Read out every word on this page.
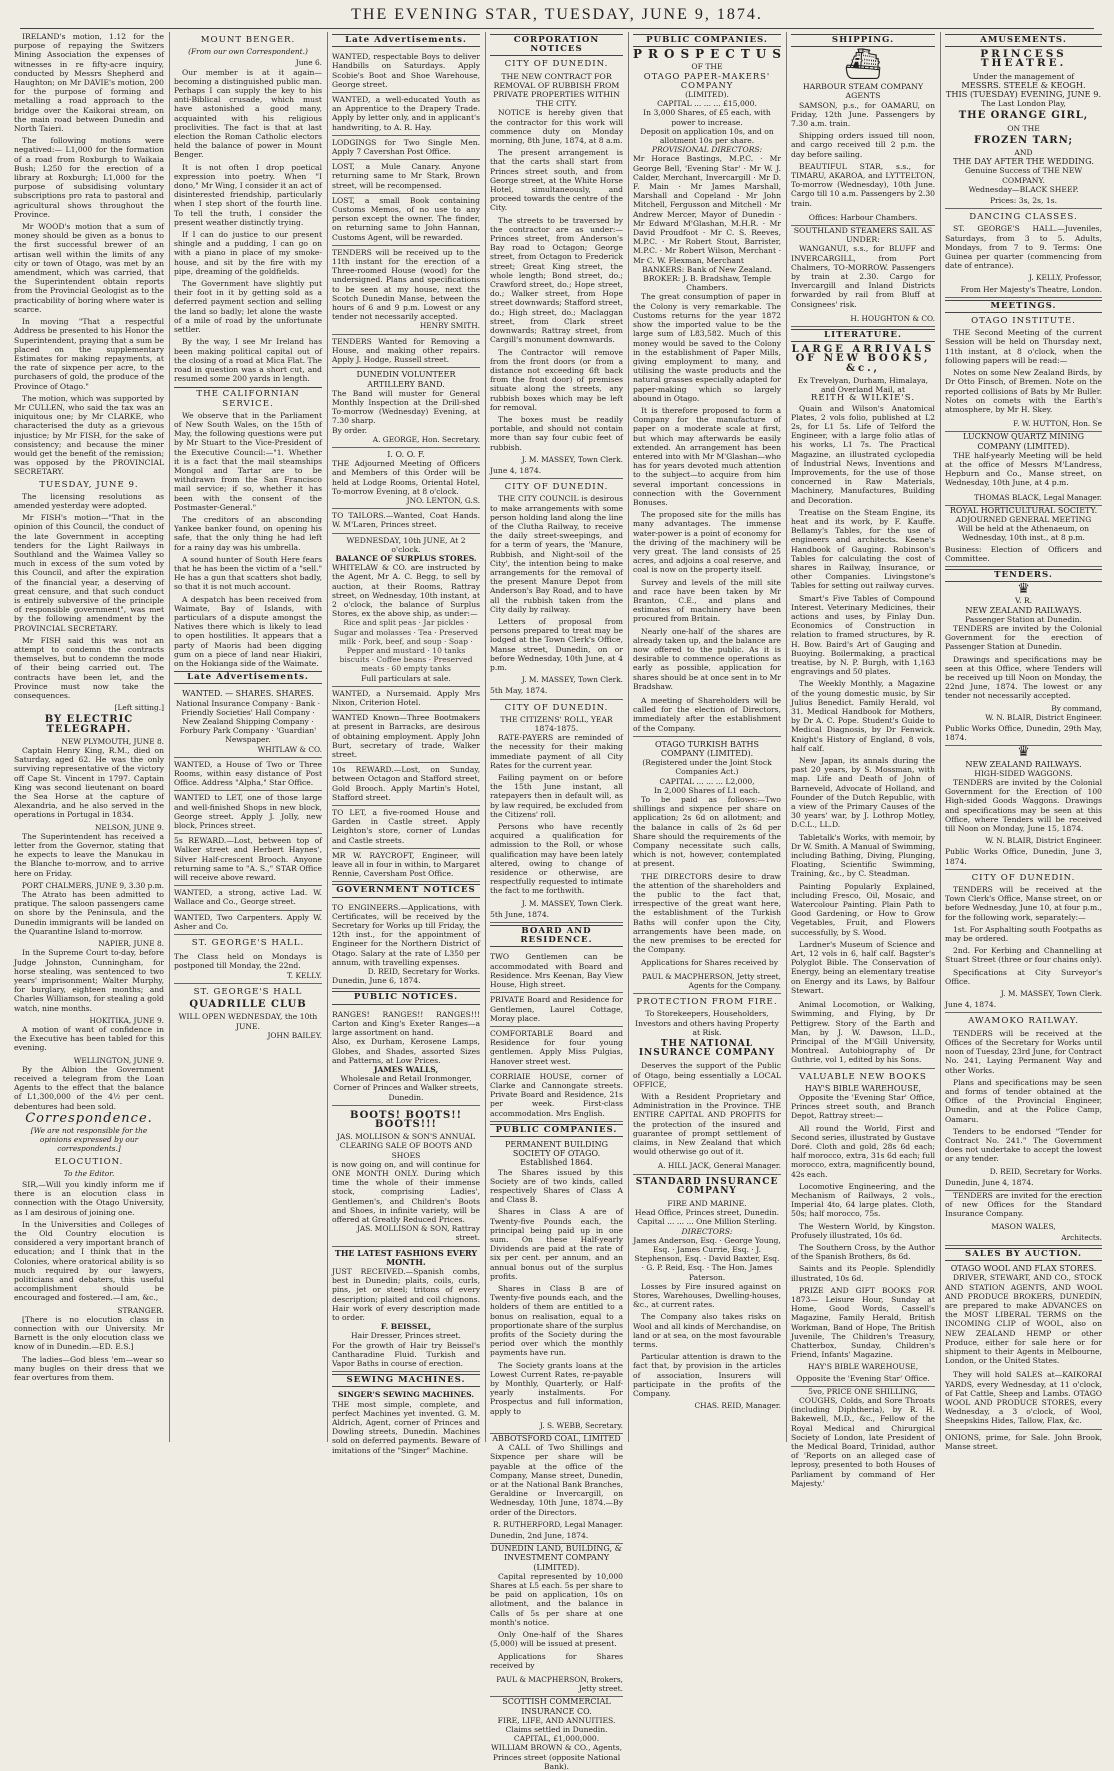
THE EVENING STAR, TUESDAY, JUNE 9, 1874.

IRELAND's motion, 1.12 for the purpose of repaying the Switzers Mining Association the expenses of witnesses in re fifty-acre inquiry, conducted by Messrs Shepherd and Haughton; on Mr DAVIE's motion, 200 for the purpose of forming and metalling a road approach to the bridge over the Kaikorai stream, on the main road between Dunedin and North Taieri.

The following motions were negatived:— L1,000 for the formation of a road from Roxburgh to Waikaia Bush; L250 for the erection of a library at Roxburgh; L1,000 for the purpose of subsidising voluntary subscriptions pro rata to pastoral and agricultural shows throughout the Province.

Mr WOOD's motion that a sum of money should be given as a bonus to the first successful brewer of an artisan well within the limits of any city or town of Otago, was met by an amendment, which was carried, that the Superintendent obtain reports from the Provincial Geologist as to the practicability of boring where water is scarce.

In moving "That a respectful Address be presented to his Honor the Superintendent, praying that a sum be placed on the supplementary Estimates for making repayments, at the rate of sixpence per acre, to the purchasers of gold, the produce of the Province of Otago."

The motion, which was supported by Mr CULLEN, who said the tax was an iniquitous one; by Mr CLARKE, who characterised the duty as a grievous injustice; by Mr FISH, for the sake of consistency; and because the miner would get the benefit of the remission; was opposed by the PROVINCIAL SECRETARY.

TUESDAY, JUNE 9.

The licensing resolutions as amended yesterday were adopted.

Mr FISH's motion—"That in the opinion of this Council, the conduct of the late Government in accepting tenders for the Light Railways in Southland and the Waimea Valley so much in excess of the sum voted by this Council, and after the expiration of the financial year, a deserving of great censure, and that such conduct is entirely subversive of the principle of responsible government", was met by the following amendment by the PROVINCIAL SECRETARY.

Mr FISH said this was not an attempt to condemn the contracts themselves, but to condemn the mode of their being carried out. The contracts have been let, and the Province must now take the consequences.

[Left sitting.]
BY ELECTRIC TELEGRAPH.
NEW PLYMOUTH, JUNE 8.

Captain Henry King, R.M., died on Saturday, aged 62. He was the only surviving representative of the victory off Cape St. Vincent in 1797. Captain King was second lieutenant on board the Sea Horse at the capture of Alexandria, and he also served in the operations in Portugal in 1834.

NELSON, JUNE 9.

The Superintendent has received a letter from the Governor, stating that he expects to leave the Manukau in the Blanche to-morrow, and to arrive here on Friday.

PORT CHALMERS, JUNE 9, 3.30 p.m.

The Atrato has been admitted to pratique. The saloon passengers came on shore by the Peninsula, and the Dunedin immigrants will be landed on the Quarantine Island to-morrow.

NAPIER, JUNE 8.

In the Supreme Court to-day, before Judge Johnston, Cunningham, for horse stealing, was sentenced to two years' imprisonment; Walter Murphy, for burglary, eighteen months; and Charles Williamson, for stealing a gold watch, nine months.

HOKITIKA, JUNE 9.

A motion of want of confidence in the Executive has been tabled for this evening.

WELLINGTON, JUNE 9.

By the Albion the Government received a telegram from the Loan Agents to the effect that the balance of L1,300,000 of the 4½ per cent. debentures had been sold.

Correspondence.
[We are not responsible for the opinions expressed by our correspondents.]
ELOCUTION.
To the Editor.

SIR,—Will you kindly inform me if there is an elocution class in connection with the Otago University, as I am desirous of joining one.

In the Universities and Colleges of the Old Country elocution is considered a very important branch of education; and I think that in the Colonies, where oratorical ability is so much required by our lawyers, politicians and debaters, this useful accomplishment should be encouraged and fostered.—I am, &c.,

STRANGER.

[There is no elocution class in connection with our University. Mr Barnett is the only elocution class we know of in Dunedin.—ED. E.S.]

The ladies—God bless 'em—wear so many bugles on their dress that we fear overtures from them.

MOUNT BENGER.
(From our own Correspondent.)
June 6.

Our member is at it again—becoming a distinguished public man. Perhaps I can supply the key to his anti-Biblical crusade, which must have astonished a good many, acquainted with his religious proclivities. The fact is that at last election the Roman Catholic electors held the balance of power in Mount Benger.

It is not often I drop poetical expression into poetry. When "I dono," Mr Wing, I consider it an act of disinterested friendship, particularly when I step short of the fourth line. To tell the truth, I consider the present weather distinctly trying.

If I can do justice to our present shingle and a pudding, I can go on with a piano in place of my smoke-house, and sit by the fire with my pipe, dreaming of the goldfields.

The Government have slightly put their foot in it by getting sold as a deferred payment section and selling the land so badly; let alone the waste of a mile of road by the unfortunate settler.

By the way, I see Mr Ireland has been making political capital out of the closing of a road at Mica Flat. The road in question was a short cut, and resumed some 200 yards in length.

THE CALIFORNIAN SERVICE.

We observe that in the Parliament of New South Wales, on the 15th of May, the following questions were put by Mr Stuart to the Vice-President of the Executive Council:—"1. Whether it is a fact that the mail steamships Mongol and Tartar are to be withdrawn from the San Francisco mail service; if so, whether it has been with the consent of the Postmaster-General."

The creditors of an absconding Yankee banker found, on opening his safe, that the only thing he had left for a rainy day was his umbrella.

A sound hunter of South Here fears that he has been the victim of a "sell." He has a gun that scatters shot badly, so that it is not much account.

A despatch has been received from Waimate, Bay of Islands, with particulars of a dispute amongst the Natives there which is likely to lead to open hostilities. It appears that a party of Maoris had been digging gum on a piece of land near Hiakiri, on the Hokianga side of the Waimate.

Late Advertisements.
WANTED. — SHARES. SHARES.
National Insurance Company · Bank · Friendly Societies' Hall Company · New Zealand Shipping Company · Forbury Park Company · 'Guardian' Newspaper.
WHITLAW & CO.
WANTED, a House of Two or Three Rooms, within easy distance of Post Office. Address "Alpha," Star Office.
WANTED to LET, one of those large and well-finished Shops in new block, George street. Apply J. Jolly, new block, Princes street.
5s REWARD.—Lost, between top of Walker street and Herbert Haynes', Silver Half-crescent Brooch. Anyone returning same to "A. S.," STAR Office will receive above reward.
WANTED, a strong, active Lad. W. Wallace and Co., George street.
WANTED, Two Carpenters. Apply W. Asher and Co.
ST. GEORGE'S HALL.
The Class held on Mondays is postponed till Monday, the 22nd.
T. KELLY.
ST. GEORGE'S HALL
QUADRILLE CLUB
WILL OPEN WEDNESDAY, the 10th JUNE.
JOHN BAILEY.
Late Advertisements.
WANTED, respectable Boys to deliver Handbills on Saturdays. Apply Scobie's Boot and Shoe Warehouse, George street.
WANTED, a well-educated Youth as an Apprentice to the Drapery Trade. Apply by letter only, and in applicant's handwriting, to A. R. Hay.
LODGINGS for Two Single Men. Apply 7 Cavershan Post Office.
LOST, a Mule Canary. Anyone returning same to Mr Stark, Brown street, will be recompensed.
LOST, a small Book containing Customs Memos, of no use to any person except the owner. The finder, on returning same to John Hannan, Customs Agent, will be rewarded.
TENDERS will be received up to the 11th instant for the erection of a Three-roomed House (wood) for the undersigned. Plans and specifications to be seen at my house, next the Scotch Dunedin Manse, between the hours of 6 and 9 p.m. Lowest or any tender not necessarily accepted.
HENRY SMITH.
TENDERS Wanted for Removing a House, and making other repairs. Apply J. Hodge, Russell street.
DUNEDIN VOLUNTEER ARTILLERY BAND.
The Band will muster for General Monthly Inspection at the Drill-shed To-morrow (Wednesday) Evening, at 7.30 sharp.
By order.
A. GEORGE, Hon. Secretary.
I. O. O. F.
THE Adjourned Meeting of Officers and Members of this Order will be held at Lodge Rooms, Oriental Hotel, To-morrow Evening, at 8 o'clock.
JNO. LENTON, G.S.
TO TAILORS.—Wanted, Coat Hands. W. M'Laren, Princes street.
WEDNESDAY, 10th JUNE, At 2 o'clock.
BALANCE OF SURPLUS STORES.
WHITELAW & CO. are instructed by the Agent, Mr A. C. Begg, to sell by auction, at their Rooms, Rattray street, on Wednesday, 10th instant, at 2 o'clock, the balance of Surplus Stores, ex the above ship, as under:—
Rice and split peas · Jar pickles · Sugar and molasses · Tea · Preserved milk · Pork, beef, and soup · Soap · Pepper and mustard · 10 tanks biscuits · Coffee beans · Preserved meats · 60 empty tanks
Full particulars at sale.
WANTED, a Nursemaid. Apply Mrs Nixon, Criterion Hotel.
WANTED Known—Three Bootmakers at present in Barracks, are desirous of obtaining employment. Apply John Burt, secretary of trade, Walker street.
10s REWARD.—Lost, on Sunday, between Octagon and Stafford street, Gold Brooch. Apply Martin's Hotel, Stafford street.
TO LET, a five-roomed House and Garden in Castle street. Apply Leighton's store, corner of Lundas and Castle streets.
MR W. RAYCROFT, Engineer, will leave all in four in within, to Margaret Rennie, Caversham Post Office.
GOVERNMENT NOTICES
TO ENGINEERS.—Applications, with Certificates, will be received by the Secretary for Works up till Friday, the 12th inst., for the appointment of Engineer for the Northern District of Otago. Salary at the rate of L350 per annum, with travelling expenses.
D. REID, Secretary for Works.
Dunedin, June 6, 1874.
PUBLIC NOTICES.
RANGES! RANGES!! RANGES!!! Carton and King's Exeter Ranges—a large assortment on hand.
Also, ex Durham, Kerosene Lamps, Globes, and Shades, assorted Sizes and Patterns, at Low Prices.
JAMES WALLS,
Wholesale and Retail Ironmonger, Corner of Princes and Walker streets, Dunedin.
BOOTS! BOOTS!! BOOTS!!!
JAS. MOLLISON & SON'S ANNUAL CLEARING SALE OF BOOTS AND SHOES
is now going on, and will continue for ONE MONTH ONLY. During which time the whole of their immense stock, comprising Ladies', Gentlemen's, and Children's Boots and Shoes, in infinite variety, will be offered at Greatly Reduced Prices.
JAS. MOLLISON & SON, Rattray street.
THE LATEST FASHIONS EVERY MONTH.
JUST RECEIVED.—Spanish combs, best in Dunedin; plaits, coils, curls, pins, jet or steel; tritons of every description; plaited and coil chignons. Hair work of every description made to order.
F. BEISSEL,
Hair Dresser, Princes street.
For the growth of Hair try Beissel's Cantharadine Fluid. Turkish and Vapor Baths in course of erection.
SEWING MACHINES.
SINGER'S SEWING MACHINES.
THE most simple, complete, and perfect Machines yet invented. G. M. Aldrich, Agent, corner of Princes and Dowling streets, Dunedin. Machines sold on deferred payments. Beware of imitations of the "Singer" Machine.
CORPORATION NOTICES
CITY OF DUNEDIN.
THE NEW CONTRACT FOR REMOVAL OF RUBBISH FROM PRIVATE PROPERTIES WITHIN THE CITY.

NOTICE is hereby given that the contractor for this work will commence duty on Monday morning, 8th June, 1874, at 8 a.m.

The present arrangement is that the carts shall start from Princes street south, and from George street, at the White Horse Hotel, simultaneously, and proceed towards the centre of the City.

The streets to be traversed by the contractor are as under:—Princes street, from Anderson's Bay road to Octagon; George street, from Octagon to Frederick street; Great King street, the whole length; Bond street, do.; Crawford street, do.; Hope street, do.; Walker street, from Hope street downwards; Stafford street, do.; High street, do.; Maclaggan street, from Clark street downwards; Rattray street, from Cargill's monument downwards.

The Contractor will remove from the front doors (or from a distance not exceeding 6ft back from the front door) of premises situate along the streets, any rubbish boxes which may be left for removal.

The boxes must be readily portable, and should not contain more than say four cubic feet of rubbish.

J. M. MASSEY, Town Clerk.
June 4, 1874.
CITY OF DUNEDIN.

THE CITY COUNCIL is desirous to make arrangements with some person holding land along the line of the Clutha Railway, to receive the daily street-sweepings, and for a term of years, the 'Manure, Rubbish, and Night-soil of the City', the intention being to make arrangements for the removal of the present Manure Depot from Anderson's Bay Road, and to have all the rubbish taken from the City daily by railway.

Letters of proposal from persons prepared to treat may be lodged at the Town Clerk's Office, Manse street, Dunedin, on or before Wednesday, 10th June, at 4 p.m.

J. M. MASSEY, Town Clerk.
5th May, 1874.
CITY OF DUNEDIN.
THE CITIZENS' ROLL, YEAR 1874-1875.

RATE-PAYERS are reminded of the necessity for their making immediate payment of all City Rates for the current year.

Failing payment on or before the 15th June instant, all ratepayers then in default will, as by law required, be excluded from the Citizens' roll.

Persons who have recently acquired a qualification for admission to the Roll, or whose qualification may have been lately altered, owing to change of residence or otherwise, are respectfully requested to intimate the fact to me forthwith.

J. M. MASSEY, Town Clerk.
5th June, 1874.
BOARD AND RESIDENCE.
TWO Gentlemen can be accommodated with Board and Residence. Mrs Keenan, Bay View House, High street.
PRIVATE Board and Residence for Gentlemen, Laurel Cottage, Moray place.
COMFORTABLE Board and Residence for four young gentlemen. Apply Miss Pulgias, Hanover street west.
CORRIAIE HOUSE, corner of Clarke and Cannongate streets. Private Board and Residence, 21s per week. First-class accommodation. Mrs English.
PUBLIC COMPANIES.
PERMANENT BUILDING SOCIETY OF OTAGO. Established 1864.

The Shares issued by this Society are of two kinds, called respectively Shares of Class A and Class B.

Shares in Class A are of Twenty-five Pounds each, the principal being paid up in one sum. On these Half-yearly Dividends are paid at the rate of six per cent. per annum, and an annual bonus out of the surplus profits.

Shares in Class B are of Twenty-five pounds each, and the holders of them are entitled to a bonus on realisation, equal to a proportionate share of the surplus profits of the Society during the period over which the monthly payments have run.

The Society grants loans at the Lowest Current Rates, re-payable by Monthly, Quarterly, or Half-yearly instalments. For Prospectus and full information, apply to

J. S. WEBB, Secretary.
ABBOTSFORD COAL, LIMITED

A CALL of Two Shillings and Sixpence per share will be payable at the office of the Company, Manse street, Dunedin, or at the National Bank Branches, Geraldine or Invercargill, on Wednesday, 10th June, 1874.—By order of the Directors.

R. RUTHERFORD, Legal Manager.
Dunedin, 2nd June, 1874.
DUNEDIN LAND, BUILDING, & INVESTMENT COMPANY (LIMITED).

Capital represented by 10,000 Shares at L5 each. 5s per share to be paid on application, 10s on allotment, and the balance in Calls of 5s per share at one month's notice.

Only One-half of the Shares (5,000) will be issued at present.

Applications for Shares received by

PAUL & MACPHERSON, Brokers, Jetty street.
SCOTTISH COMMERCIAL INSURANCE CO.
FIRE, LIFE, AND ANNUITIES.
Claims settled in Dunedin. CAPITAL, £1,000,000.
WILLIAM BROWN & CO., Agents, Princes street (opposite National Bank).
PUBLIC COMPANIES.
PROSPECTUS
OF THE
OTAGO PAPER-MAKERS' COMPANY
(LIMITED).
CAPITAL ... ... ... £15,000.
In 3,000 Shares, of £5 each, with power to increase.
Deposit on application 10s, and on allotment 10s per share.
PROVISIONAL DIRECTORS:
Mr Horace Bastings, M.P.C. · Mr George Bell, 'Evening Star' · Mr W. J. Calder, Merchant, Invercargill · Mr D. F. Main · Mr James Marshall, Marshall and Copeland · Mr John Mitchell, Fergusson and Mitchell · Mr Andrew Mercer, Mayor of Dunedin · Mr Edward M'Glashan, M.H.R. · Mr David Proudfoot · Mr C. S. Reeves, M.P.C. · Mr Robert Stout, Barrister, M.P.C. · Mr Robert Wilson, Merchant · Mr C. W. Flexman, Merchant
BANKERS: Bank of New Zealand.
BROKER: J. B. Bradshaw, Temple Chambers.

The great consumption of paper in the Colony is very remarkable. The Customs returns for the year 1872 show the imported value to be the large sum of L83,582. Much of this money would be saved to the Colony in the establishment of Paper Mills, giving employment to many, and utilising the waste products and the natural grasses especially adapted for paper-making which so largely abound in Otago.

It is therefore proposed to form a Company for the manufacture of paper on a moderate scale at first, but which may afterwards be easily extended. An arrangement has been entered into with Mr M'Glashan—who has for years devoted much attention to the subject—to acquire from him several important concessions in connection with the Government Bonuses.

The proposed site for the mills has many advantages. The immense water-power is a point of economy for the driving of the machinery will be very great. The land consists of 25 acres, and adjoins a coal reserve, and coal is now on the property itself.

Survey and levels of the mill site and race have been taken by Mr Branton, C.E., and plans and estimates of machinery have been procured from Britain.

Nearly one-half of the shares are already taken up, and the balance are now offered to the public. As it is desirable to commence operations as early as possible, application for shares should be at once sent in to Mr Bradshaw.

A meeting of Shareholders will be called for the election of Directors, immediately after the establishment of the Company.

OTAGO TURKISH BATHS COMPANY (LIMITED).
(Registered under the Joint Stock Companies Act.)
CAPITAL ... ... ... L2,000,
In 2,000 Shares of L1 each.

To be paid as follows:—Two shillings and sixpence per share on application; 2s 6d on allotment; and the balance in calls of 2s 6d per Share should the requirements of the Company necessitate such calls, which is not, however, contemplated at present.

THE DIRECTORS desire to draw the attention of the shareholders and the public to the fact that, irrespective of the great want here, the establishment of the Turkish Baths will confer upon the City, arrangements have been made, on the new premises to be erected for the Company.

Applications for Shares received by

PAUL & MACPHERSON, Jetty street, Agents for the Company.
PROTECTION FROM FIRE.
To Storekeepers, Householders, Investors and others having Property at Risk.
THE NATIONAL INSURANCE COMPANY

Deserves the support of the Public of Otago, being essentially a LOCAL OFFICE,

With a Resident Proprietary and Administration in the Province. THE ENTIRE CAPITAL AND PROFITS for the protection of the insured and guarantee of prompt settlement of claims, in New Zealand that which would otherwise go out of it.

A. HILL JACK, General Manager.
STANDARD INSURANCE COMPANY
FIRE AND MARINE.
Head Office, Princes street, Dunedin.
Capital ... ... ... One Million Sterling.
DIRECTORS:
James Anderson, Esq. · George Young, Esq. · James Currie, Esq. · J. Stephenson, Esq. · David Baxter, Esq. · G. P. Reid, Esq. · The Hon. James Paterson.

Losses by Fire insured against on Stores, Warehouses, Dwelling-houses, &c., at current rates.

The Company also takes risks on Wool and all kinds of Merchandise, on land or at sea, on the most favourable terms.

Particular attention is drawn to the fact that, by provision in the articles of association, Insurers will participate in the profits of the Company.

CHAS. REID, Manager.
SHIPPING.
⛴
HARBOUR STEAM COMPANY AGENTS

SAMSON, p.s., for OAMARU, on Friday, 12th June. Passengers by 7.30 a.m. train.

Shipping orders issued till noon, and cargo received till 2 p.m. the day before sailing.

BEAUTIFUL STAR, s.s., for TIMARU, AKAROA, and LYTTELTON, To-morrow (Wednesday), 10th June. Cargo till 10 a.m. Passengers by 2.30 train.

Offices: Harbour Chambers.
SOUTHLAND STEAMERS SAIL AS UNDER:

WANGANUI, s.s., for BLUFF and INVERCARGILL, from Port Chalmers, TO-MORROW. Passengers by train at 2.30. Cargo for Invercargill and Inland Districts forwarded by rail from Bluff at Consignees' risk.

H. HOUGHTON & CO.
LITERATURE.
LARGE ARRIVALS OF NEW BOOKS, &c.,
Ex Trevelyan, Durham, Himalaya, and Overland Mail, at
REITH & WILKIE'S.

Quain and Wilson's Anatomical Plates, 2 vols folio, published at L2 2s, for L1 5s. Life of Telford the Engineer, with a large folio atlas of his works, L1 7s. The Practical Magazine, an illustrated cyclopedia of Industrial News, Inventions and Improvements, for the use of those concerned in Raw Materials, Machinery, Manufactures, Building and Decoration.

Treatise on the Steam Engine, its heat and its work, by F. Kauffe. Bellamy's Tables, for the use of engineers and architects. Keene's Handbook of Gauging. Robinson's Tables for calculating the cost of shares in Railway, Insurance, or other Companies. Livingstone's Tables for setting out railway curves.

Smart's Five Tables of Compound Interest. Veterinary Medicines, their actions and uses, by Finlay Dun. Economics of Construction in relation to framed structures, by R. H. Bow. Baird's Art of Gauging and Buoying. Boilermaking, a practical treatise, by N. P. Burgh, with 1,163 engravings and 50 plates.

The Weekly Monthly, a Magazine of the young domestic music, by Sir Julius Benedict. Family Herald, vol 31. Medical Handbook for Mothers, by Dr A. C. Pope. Student's Guide to Medical Diagnosis, by Dr Fenwick. Knight's History of England, 8 vols, half calf.

New Japan, its annals during the past 20 years, by S. Mossman, with map. Life and Death of John of Barneveld, Advocate of Holland, and Founder of the Dutch Republic, with a view of the Primary Causes of the 30 years' war, by J. Lothrop Motley, D.C.L., LL.D.

Tabletalk's Works, with memoir, by Dr W. Smith. A Manual of Swimming, including Bathing, Diving, Plunging, Floating, Scientific Swimming, Training, &c., by C. Steadman.

Painting Popularly Explained, including Fresco, Oil, Mosaic, and Watercolour Painting. Plain Path to Good Gardening, or How to Grow Vegetables, Fruit, and Flowers successfully, by S. Wood.

Lardner's Museum of Science and Art, 12 vols in 6, half calf. Bagster's Polyglot Bible. The Conservation of Energy, being an elementary treatise on Energy and its Laws, by Balfour Stewart.

Animal Locomotion, or Walking, Swimming, and Flying, by Dr Pettigrew. Story of the Earth and Man, by J. W. Dawson, LL.D., Principal of the M'Gill University, Montreal. Autobiography of Dr Guthrie, vol 1, edited by his Sons.

VALUABLE NEW BOOKS
HAY'S BIBLE WAREHOUSE,

Opposite the 'Evening Star' Office, Princes street south, and Branch Depot, Rattray street:—

All round the World, First and Second series, illustrated by Gustave Doré. Cloth and gold, 28s 6d each; half morocco, extra, 31s 6d each; full morocco, extra, magnificently bound, 42s each.

Locomotive Engineering, and the Mechanism of Railways, 2 vols., Imperial 4to, 64 large plates. Cloth, 50s; half morocco, 75s.

The Western World, by Kingston. Profusely illustrated, 10s 6d.

The Southern Cross, by the Author of the Spanish Brothers, 8s 6d.

Saints and its People. Splendidly illustrated, 10s 6d.

PRIZE AND GIFT BOOKS FOR 1873— Leisure Hour, Sunday at Home, Good Words, Cassell's Magazine, Family Herald, British Workman, Band of Hope, The British Juvenile, The Children's Treasury, Chatterbox, Sunday, Children's Friend, Infants' Magazine.

HAY'S BIBLE WAREHOUSE,
Opposite the 'Evening Star' Office.
5vo, PRICE ONE SHILLING,

COUGHS, Colds, and Sore Throats (including Diphtheria), by R. H. Bakewell, M.D., &c., Fellow of the Royal Medical and Chirurgical Society of London, late President of the Medical Board, Trinidad, author of 'Reports on an alleged case of leprosy, presented to both Houses of Parliament by command of Her Majesty.'

AMUSEMENTS.
PRINCESS THEATRE.
Under the management of
MESSRS. STEELE & KEOGH.
THIS (TUESDAY) EVENING, JUNE 9.
The Last London Play,
THE ORANGE GIRL,
ON THE
FROZEN TARN;
AND
THE DAY AFTER THE WEDDING.
Genuine Success of THE NEW COMPANY.
Wednesday—BLACK SHEEP.
Prices: 3s, 2s, 1s.
DANCING CLASSES.

ST. GEORGE'S HALL.—Juveniles, Saturdays, from 3 to 5. Adults, Mondays, from 7 to 9. Terms: One Guinea per quarter (commencing from date of entrance).

J. KELLY, Professor,
From Her Majesty's Theatre, London.
MEETINGS.
OTAGO INSTITUTE.

THE Second Meeting of the current Session will be held on Thursday next, 11th instant, at 8 o'clock, when the following papers will be read:—

Notes on some New Zealand Birds, by Dr Otto Finsch, of Bremen. Note on the reported collisions of Bats by Mr Buller. Notes on comets with the Earth's atmosphere, by Mr H. Skey.

F. W. HUTTON, Hon. Se
LUCKNOW QUARTZ MINING COMPANY (LIMITED).

THE half-yearly Meeting will be held at the office of Messrs M'Landress, Hepburn and Co., Manse street, on Wednesday, 10th June, at 4 p.m.

THOMAS BLACK, Legal Manager.
ROYAL HORTICULTURAL SOCIETY.
ADJOURNED GENERAL MEETING
Will be held at the Athenaeum, on Wednesday, 10th inst., at 8 p.m.
Business: Election of Officers and Committee.
TENDERS.
♛
V. R.
NEW ZEALAND RAILWAYS.
Passenger Station at Dunedin.

TENDERS are invited by the Colonial Government for the erection of Passenger Station at Dunedin.

Drawings and specifications may be seen at this Office, where Tenders will be received up till Noon on Monday, the 22nd June, 1874. The lowest or any tender not necessarily accepted.

By command,
W. N. BLAIR, District Engineer.
Public Works Office, Dunedin, 29th May, 1874.
♛
NEW ZEALAND RAILWAYS.
HIGH-SIDED WAGGONS.

TENDERS are invited by the Colonial Government for the Erection of 100 High-sided Goods Waggons. Drawings and specifications may be seen at this Office, where Tenders will be received till Noon on Monday, June 15, 1874.

W. N. BLAIR, District Engineer.
Public Works Office, Dunedin, June 3, 1874.
CITY OF DUNEDIN.

TENDERS will be received at the Town Clerk's Office, Manse street, on or before Wednesday, June 10, at four p.m., for the following work, separately:—

1st. For Asphalting south Footpaths as may be ordered.

2nd. For Kerbing and Channelling at Stuart Street (three or four chains only).

Specifications at City Surveyor's Office.

J. M. MASSEY, Town Clerk.
June 4, 1874.
AWAMOKO RAILWAY.

TENDERS will be received at the Offices of the Secretary for Works until noon of Tuesday, 23rd June, for Contract No. 241, Laying Permanent Way and other Works.

Plans and specifications may be seen and forms of tender obtained at the Office of the Provincial Engineer, Dunedin, and at the Police Camp, Oamaru.

Tenders to be endorsed "Tender for Contract No. 241." The Government does not undertake to accept the lowest or any tender.

D. REID, Secretary for Works.
Dunedin, June 4, 1874.

TENDERS are invited for the erection of new Offices for the Standard Insurance Company.

MASON WALES,
Architects.
SALES BY AUCTION.
OTAGO WOOL AND FLAX STORES.

DRIVER, STEWART, AND CO., STOCK AND STATION AGENTS, AND WOOL AND PRODUCE BROKERS, DUNEDIN, are prepared to make ADVANCES on the MOST LIBERAL TERMS on the INCOMING CLIP of WOOL, also on NEW ZEALAND HEMP or other Produce, either for sale here or for shipment to their Agents in Melbourne, London, or the United States.

They will hold SALES at—KAIKORAI YARDS, every Wednesday, at 11 o'clock, of Fat Cattle, Sheep and Lambs. OTAGO WOOL AND PRODUCE STORES, every Wednesday, a 3 o'clock, of Wool, Sheepskins Hides, Tallow, Flax, &c.

ONIONS, prime, for Sale. John Brook, Manse street.
